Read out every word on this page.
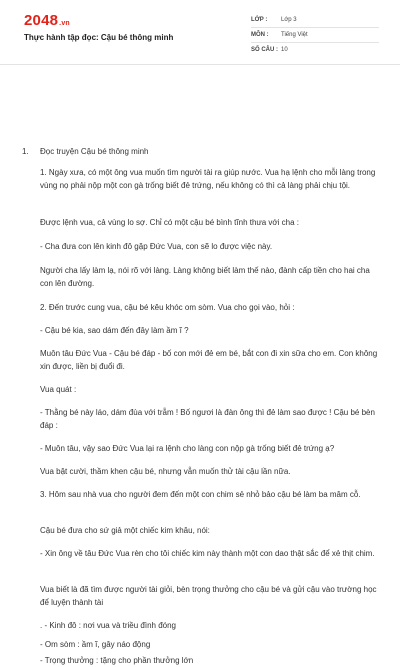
2048.vn
Thực hành tập đọc: Cậu bé thông minh
LỚP :	Lớp 3
MÔN :	Tiếng Việt
SỐ CÂU : 10
1. Đọc truyện Cậu bé thông minh
1. Ngày xưa, có một ông vua muốn tìm người tài ra giúp nước. Vua hạ lệnh cho mỗi làng trong vùng nọ phải nộp một con gà trống biết đẻ trứng, nếu không có thì cả làng phải chịu tội.
Được lệnh vua, cả vùng lo sợ. Chỉ có một cậu bé bình tĩnh thưa với cha :
- Cha đưa con lên kinh đô gặp Đức Vua, con sẽ lo được việc này.
Người cha lấy làm lạ, nói rõ với làng. Làng không biết làm thế nào, đành cấp tiền cho hai cha con lên đường.
2. Đến trước cung vua, cậu bé kêu khóc om sòm. Vua cho gọi vào, hỏi :
- Cậu bé kia, sao dám đến đây làm ầm ĩ ?
Muôn tâu Đức Vua - Cậu bé đáp - bố con mới đẻ em bé, bắt con đi xin sữa cho em. Con không xin được, liền bị đuổi đi.
Vua quát :
- Thằng bé này láo, dám đùa với trẫm ! Bố ngươi là đàn ông thì đẻ làm sao được ! Cậu bé bèn đáp :
- Muôn tâu, vậy sao Đức Vua lại ra lệnh cho làng con nộp gà trống biết đẻ trứng ạ?
Vua bật cười, thầm khen cậu bé, nhưng vẫn muốn thử tài cậu lần nữa.
3. Hôm sau nhà vua cho người đem đến một con chim sẻ nhỏ bảo cậu bé làm ba mâm cỗ.
Cậu bé đưa cho sứ giả một chiếc kim khâu, nói:
- Xin ông về tâu Đức Vua rèn cho tôi chiếc kim này thành một con dao thật sắc để xẻ thịt chim.
Vua biết là đã tìm được người tài giỏi, bèn trọng thưởng cho cậu bé và gửi cậu vào trường học để luyện thành tài
. - Kinh đô : nơi vua và triều đình đóng
- Om sòm : ầm ĩ, gây náo động
- Trọng thưởng : tặng cho phần thưởng lớn
